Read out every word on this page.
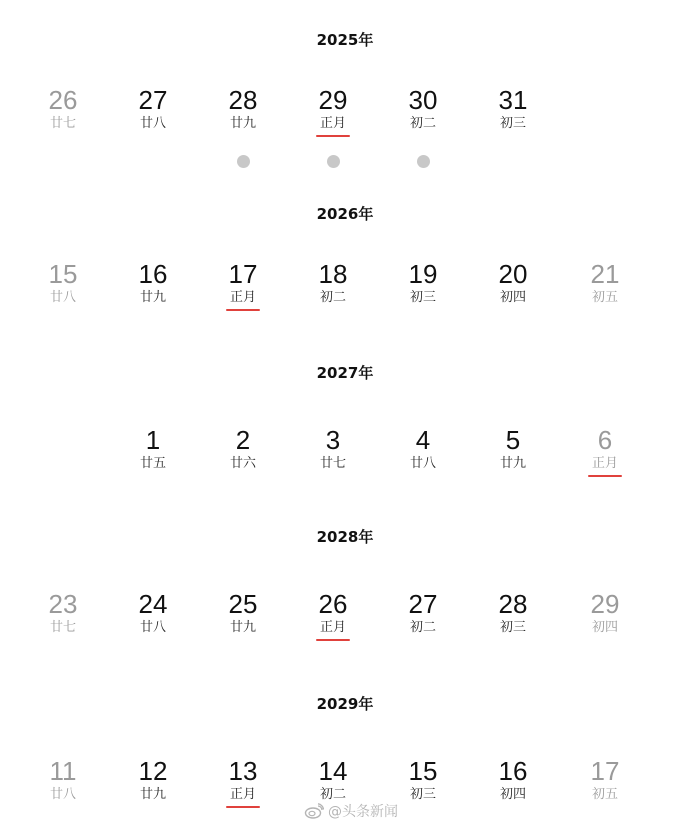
2025年
26
廿七
27
廿八
28
廿九
29
正月
30
初二
31
初三
2026年
15
廿八
16
廿九
17
正月
18
初二
19
初三
20
初四
21
初五
2027年
1
廿五
2
廿六
3
廿七
4
廿八
5
廿九
6
正月
2028年
23
廿七
24
廿八
25
廿九
26
正月
27
初二
28
初三
29
初四
2029年
11
廿八
12
廿九
13
正月
14
初二
15
初三
16
初四
17
初五
@头条新闻
